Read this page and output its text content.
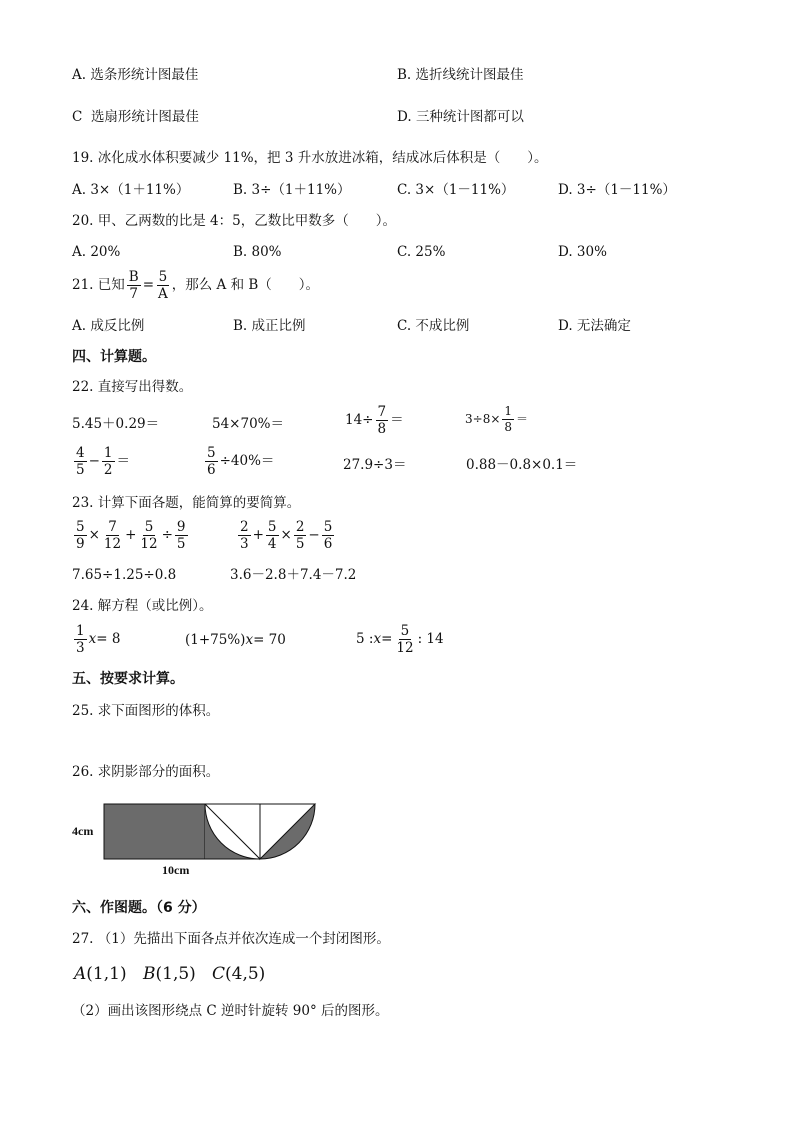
A. 选条形统计图最佳	B. 选折线统计图最佳
C 选扇形统计图最佳	D. 三种统计图都可以
19. 冰化成水体积要减少 11%，把 3 升水放进冰箱，结成冰后体积是（　　）。
A. 3×（1＋11%）	B. 3÷（1＋11%）	C. 3×（1－11%）	D. 3÷（1－11%）
20. 甲、乙两数的比是 4：5，乙数比甲数多（　　）。
A. 20%	B. 80%	C. 25%	D. 30%
21. 已知 $\frac{B}{7} = \frac{5}{A}$ ，那么 A 和 B（　　）。
A. 成反比例	B. 成正比例	C. 不成比例	D. 无法确定
四、计算题。
22. 直接写出得数。
5.45＋0.29＝	54×70%＝	$14\div \frac{7}{8}$ ＝	$3\div 8\times \frac{1}{8}$ ＝
$\frac{4}{5} - \frac{1}{2}$ ＝	$\frac{5}{6} \div 40\%=$	27.9÷3＝	0.88－0.8×0.1＝
23. 计算下面各题，能简算的要简算。
$\frac{5}{9} \times \frac{7}{12} + \frac{5}{12} \div \frac{9}{5}$	$\frac{2}{3} + \frac{5}{4} \times \frac{2}{5} - \frac{5}{6}$
7.65÷1.25÷0.8	3.6－2.8＋7.4－7.2
24. 解方程（或比例）。
$\frac{1}{3} x= 8$	(1+75%)x= 70	5 :x= $\frac{5}{12}$ : 14
五、按要求计算。
25. 求下面图形的体积。
26. 求阴影部分的面积。
4cm
10cm
六、作图题。（6 分）
27. （1）先描出下面各点并依次连成一个封闭图形。
A(1,1) B(1,5) C(4,5)
（2）画出该图形绕点 C 逆时针旋转 90° 后的图形。
